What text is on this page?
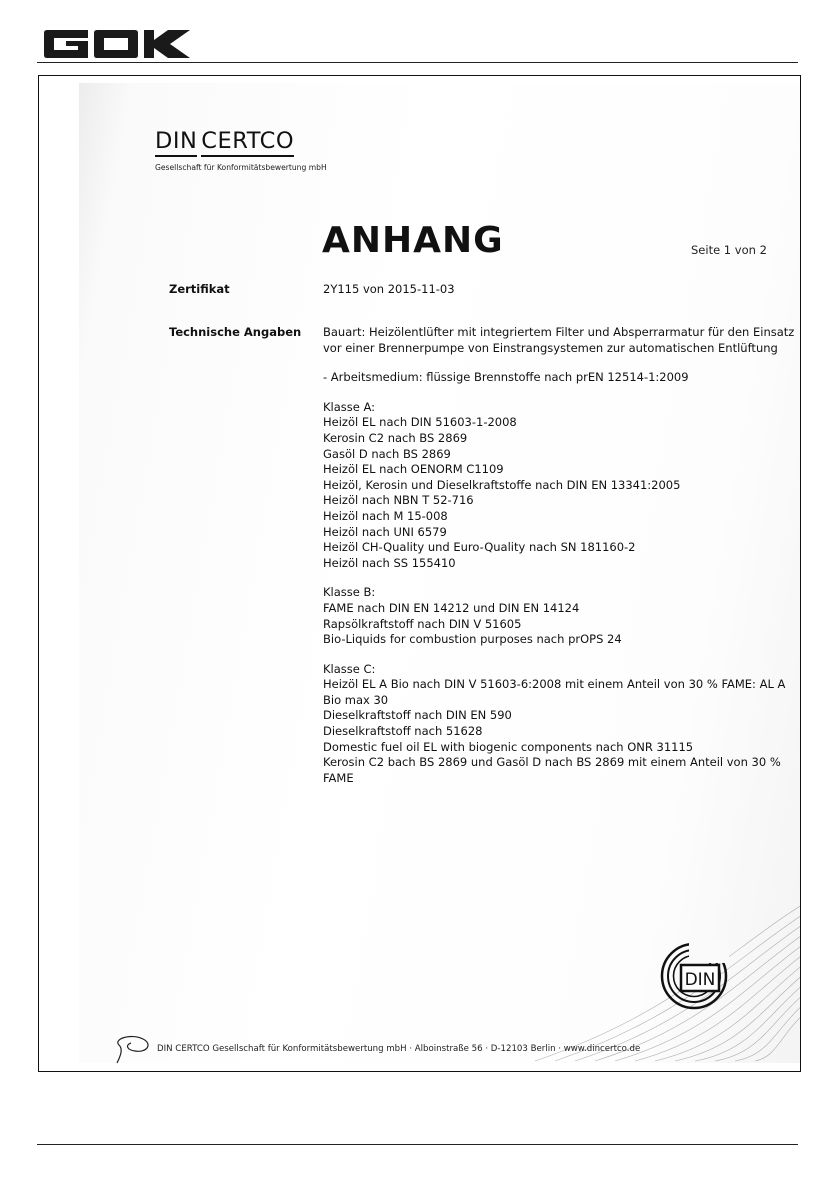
DIN CERTCO
Gesellschaft für Konformitätsbewertung mbH
ANHANG	Seite 1 von 2
Zertifikat	2Y115 von 2015-11-03
Technische Angaben Bauart: Heizölentlüfter mit integriertem Filter und Absperrarmatur für den Einsatz

vor einer Brennerpumpe von Einstrangsystemen zur automatischen Entlüftung

- Arbeitsmedium: flüssige Brennstoffe nach prEN 12514-1:2009

Klasse A:

Heizöl EL nach DIN 51603-1-2008

Kerosin C2 nach BS 2869

Gasöl D nach BS 2869

Heizöl EL nach OENORM C1109

Heizöl, Kerosin und Dieselkraftstoffe nach DIN EN 13341:2005

Heizöl nach NBN T 52-716

Heizöl nach M 15-008

Heizöl nach UNI 6579

Heizöl CH-Quality und Euro-Quality nach SN 181160-2

Heizöl nach SS 155410

Klasse B:

FAME nach DIN EN 14212 und DIN EN 14124

Rapsölkraftstoff nach DIN V 51605

Bio-Liquids for combustion purposes nach prOPS 24

Klasse C:

Heizöl EL A Bio nach DIN V 51603-6:2008 mit einem Anteil von 30 % FAME: AL A

Bio max 30

Dieselkraftstoff nach DIN EN 590

Dieselkraftstoff nach 51628

Domestic fuel oil EL with biogenic components nach ONR 31115

Kerosin C2 bach BS 2869 und Gasöl D nach BS 2869 mit einem Anteil von 30 %

FAME

DIN
DIN CERTCO Gesellschaft für Konformitätsbewertung mbH · Alboinstraße 56 · D-12103 Berlin · www.dincertco.de
